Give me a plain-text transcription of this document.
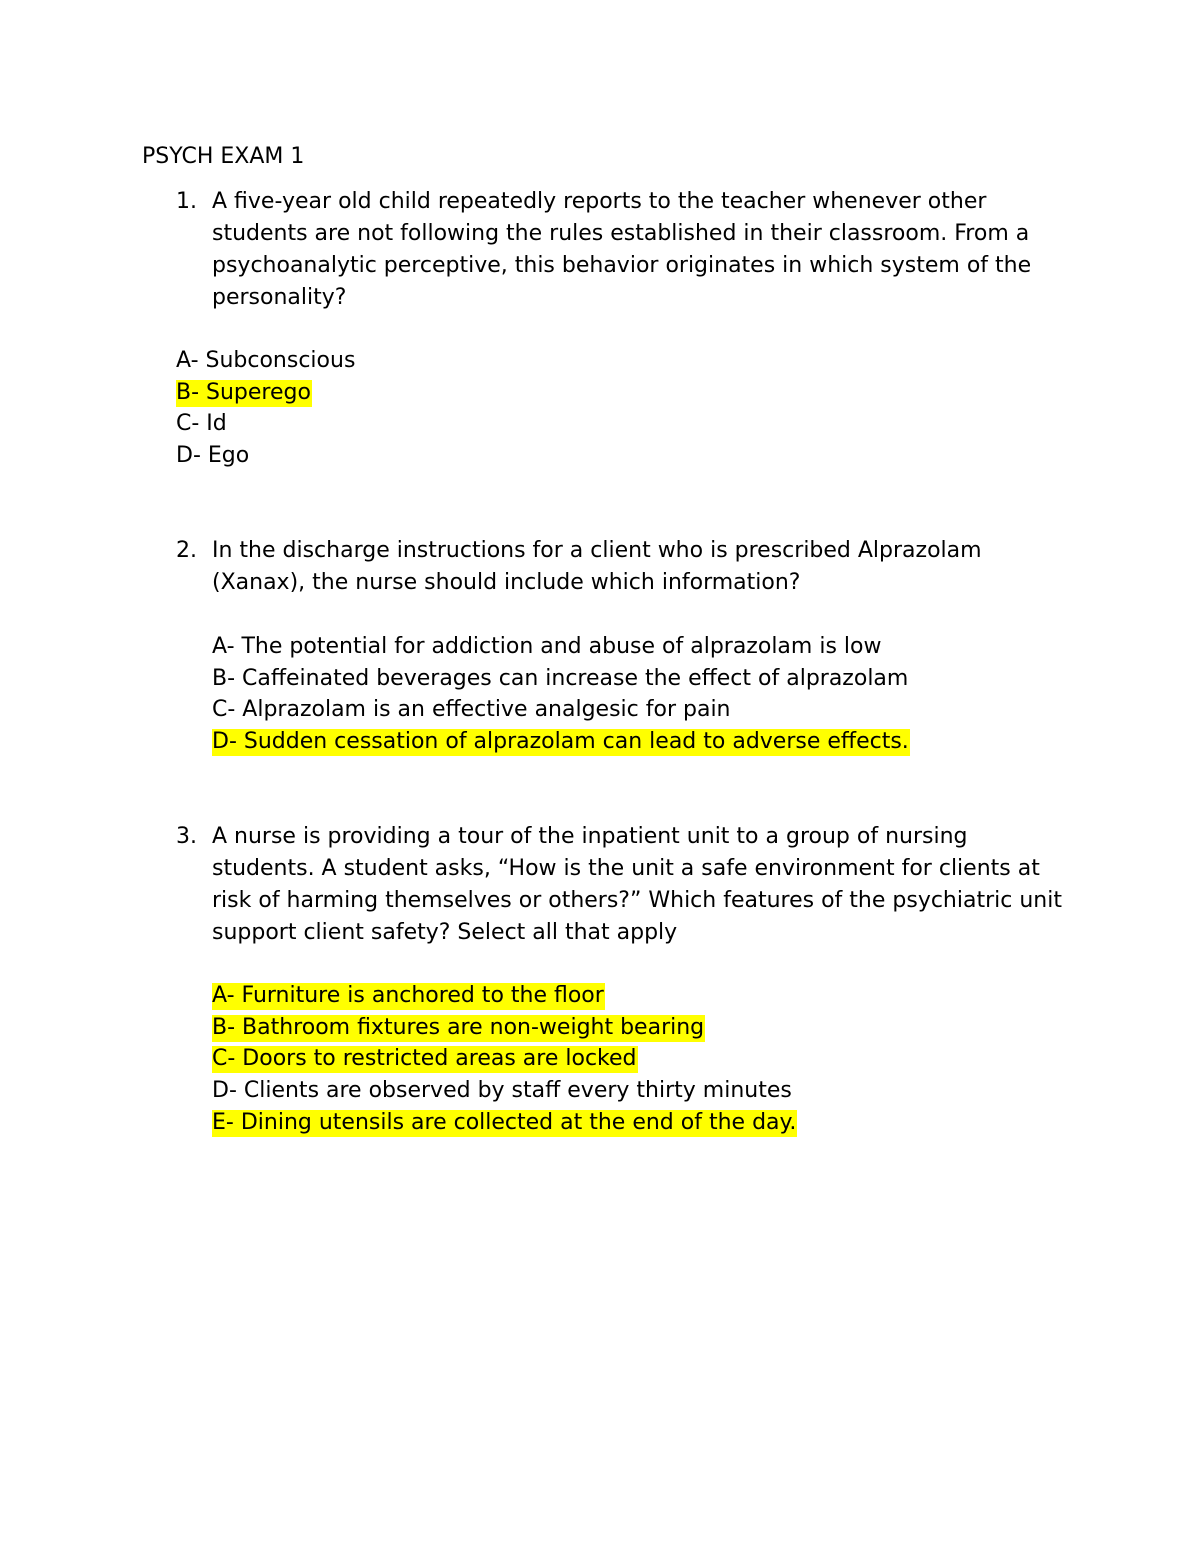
PSYCH EXAM 1
1. A five-year old child repeatedly reports to the teacher whenever other students are not following the rules established in their classroom. From a psychoanalytic perceptive, this behavior originates in which system of the personality?
A- Subconscious
B- Superego
C- Id
D- Ego
2. In the discharge instructions for a client who is prescribed Alprazolam (Xanax), the nurse should include which information?
A- The potential for addiction and abuse of alprazolam is low
B- Caffeinated beverages can increase the effect of alprazolam
C- Alprazolam is an effective analgesic for pain
D- Sudden cessation of alprazolam can lead to adverse effects.
3. A nurse is providing a tour of the inpatient unit to a group of nursing students. A student asks, “How is the unit a safe environment for clients at risk of harming themselves or others?” Which features of the psychiatric unit support client safety? Select all that apply
A- Furniture is anchored to the floor
B- Bathroom fixtures are non-weight bearing
C- Doors to restricted areas are locked
D- Clients are observed by staff every thirty minutes
E- Dining utensils are collected at the end of the day.
